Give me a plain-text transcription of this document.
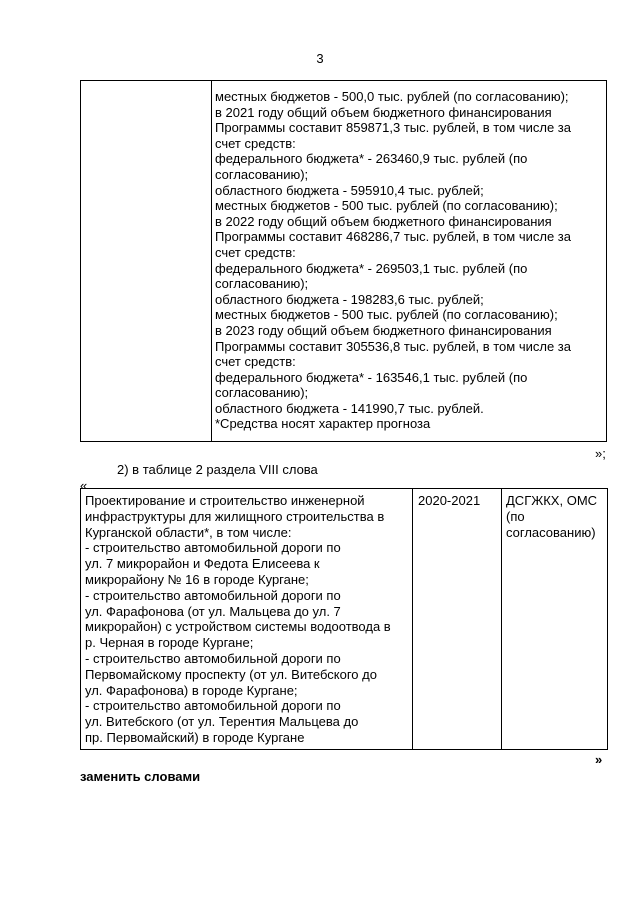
3
местных бюджетов - 500,0 тыс. рублей (по согласованию);
в 2021 году общий объем бюджетного финансирования
Программы составит 859871,3 тыс. рублей, в том числе за
счет средств:
федерального бюджета* - 263460,9 тыс. рублей (по
согласованию);
областного бюджета - 595910,4 тыс. рублей;
местных бюджетов - 500 тыс. рублей (по согласованию);
в 2022 году общий объем бюджетного финансирования
Программы составит 468286,7 тыс. рублей, в том числе за
счет средств:
федерального бюджета* - 269503,1 тыс. рублей (по
согласованию);
областного бюджета - 198283,6 тыс. рублей;
местных бюджетов - 500 тыс. рублей (по согласованию);
в 2023 году общий объем бюджетного финансирования
Программы составит 305536,8 тыс. рублей, в том числе за
счет средств:
федерального бюджета* - 163546,1 тыс. рублей (по
согласованию);
областного бюджета - 141990,7 тыс. рублей.
*Средства носят характер прогноза
»;
2) в таблице 2 раздела VIII слова
«
Проектирование и строительство инженерной
инфраструктуры для жилищного строительства в
Курганской области*, в том числе:
- строительство автомобильной дороги по
ул. 7 микрорайон и Федота Елисеева к
микрорайону № 16 в городе Кургане;
- строительство автомобильной дороги по
ул. Фарафонова (от ул. Мальцева до ул. 7
микрорайон) с устройством системы водоотвода в
р. Черная в городе Кургане;
- строительство автомобильной дороги по
Первомайскому проспекту (от ул. Витебского до
ул. Фарафонова) в городе Кургане;
- строительство автомобильной дороги по
ул. Витебского (от ул. Терентия Мальцева до
пр. Первомайский) в городе Кургане
2020-2021 ДСГЖКХ, ОМС
(по
согласованию)
»
заменить словами
